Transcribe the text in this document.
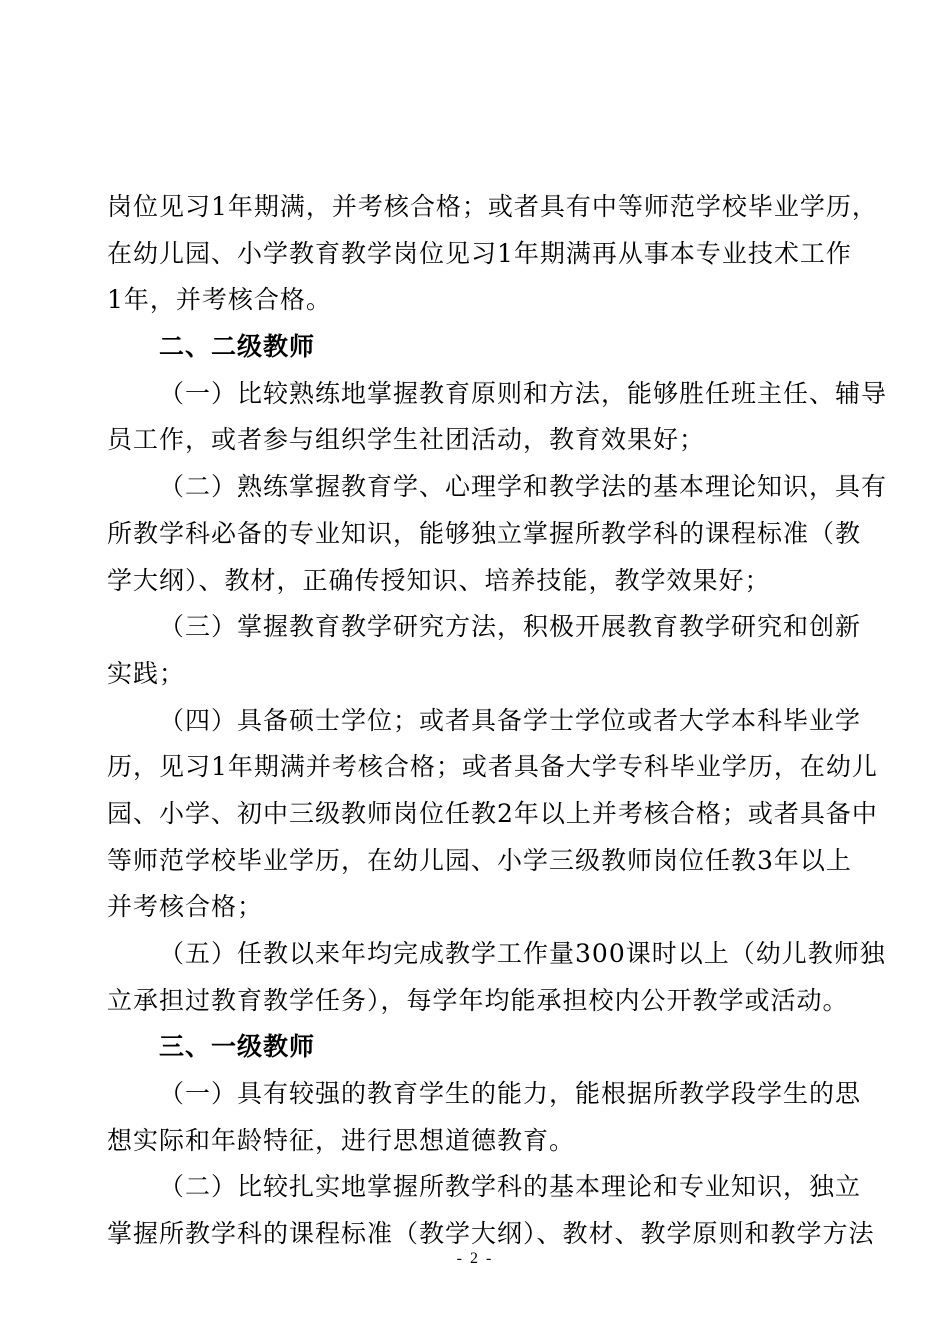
岗位见习1年期满，并考核合格；或者具有中等师范学校毕业学历，
在幼儿园、小学教育教学岗位见习1年期满再从事本专业技术工作
1年，并考核合格。
二、二级教师
（一）比较熟练地掌握教育原则和方法，能够胜任班主任、辅导
员工作，或者参与组织学生社团活动，教育效果好；
（二）熟练掌握教育学、心理学和教学法的基本理论知识，具有
所教学科必备的专业知识，能够独立掌握所教学科的课程标准（教
学大纲）、教材，正确传授知识、培养技能，教学效果好；
（三）掌握教育教学研究方法，积极开展教育教学研究和创新
实践；
（四）具备硕士学位；或者具备学士学位或者大学本科毕业学
历，见习1年期满并考核合格；或者具备大学专科毕业学历，在幼儿
园、小学、初中三级教师岗位任教2年以上并考核合格；或者具备中
等师范学校毕业学历，在幼儿园、小学三级教师岗位任教3年以上
并考核合格；
（五）任教以来年均完成教学工作量300课时以上（幼儿教师独
立承担过教育教学任务），每学年均能承担校内公开教学或活动。
三、一级教师
（一）具有较强的教育学生的能力，能根据所教学段学生的思
想实际和年龄特征，进行思想道德教育。
（二）比较扎实地掌握所教学科的基本理论和专业知识，独立
掌握所教学科的课程标准（教学大纲）、教材、教学原则和教学方法
- 2 -
